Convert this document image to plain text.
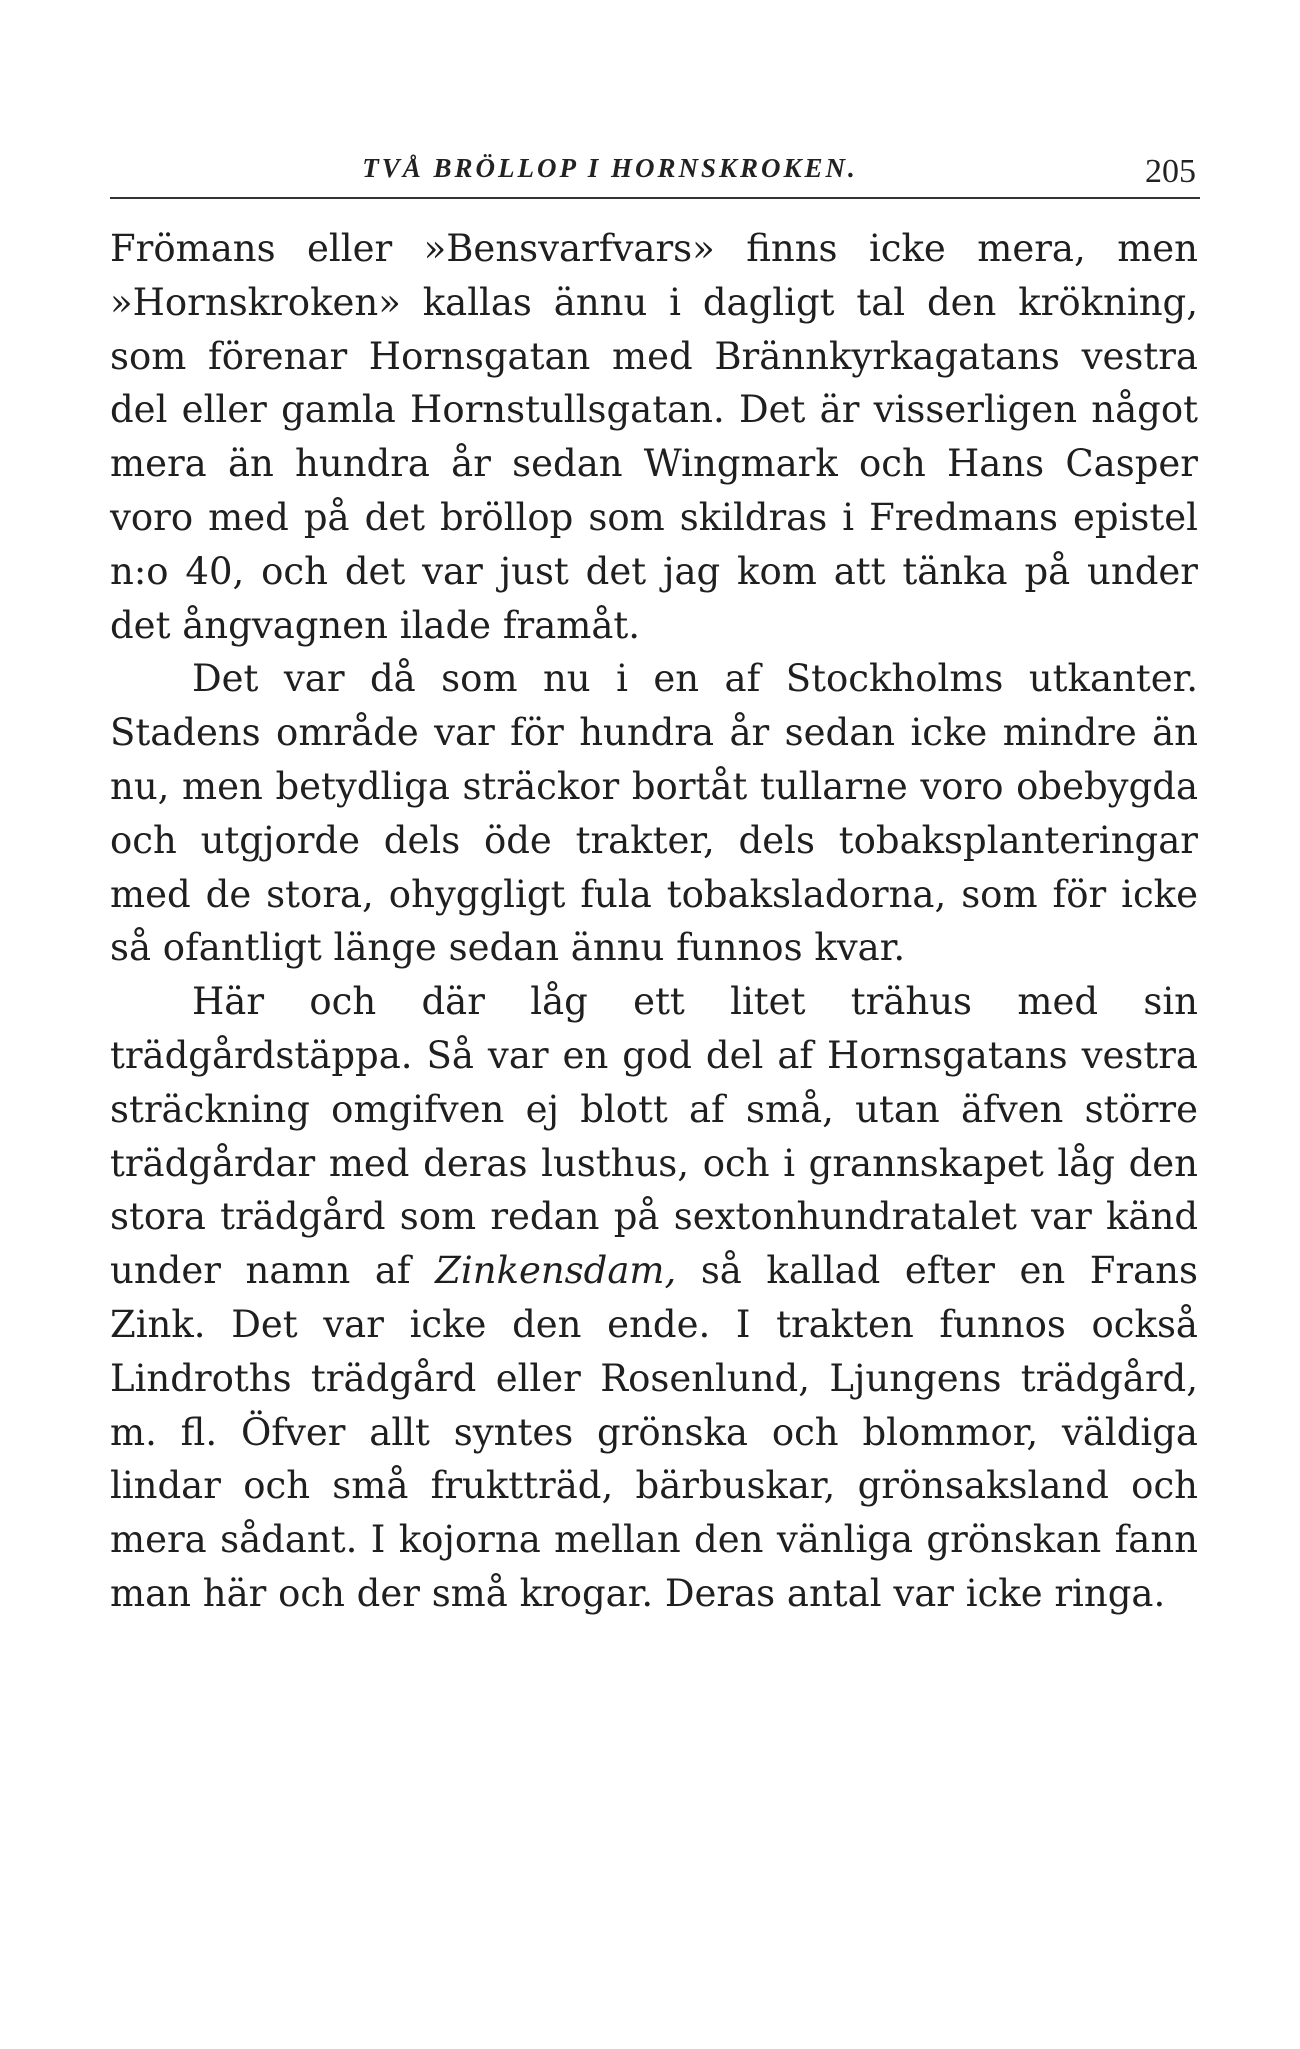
TVÅ BRÖLLOP I HORNSKROKEN.	205

Frömans eller »Bensvarfvars» finns icke mera, men »Hornskroken» kallas ännu i dagligt tal den krökning, som förenar Hornsgatan med Brännkyrkagatans vestra del eller gamla Hornstullsgatan. Det är visserligen något mera än hundra år sedan Wingmark och Hans Casper voro med på det bröllop som skildras i Fredmans epistel n:o 40, och det var just det jag kom att tänka på under det ångvagnen ilade framåt.

Det var då som nu i en af Stockholms utkanter. Stadens område var för hundra år sedan icke mindre än nu, men betydliga sträckor bortåt tullarne voro obebygda och utgjorde dels öde trakter, dels tobaksplanteringar med de stora, ohyggligt fula tobaksladorna, som för icke så ofantligt länge sedan ännu funnos kvar.

Här och där låg ett litet trähus med sin trädgårdstäppa. Så var en god del af Hornsgatans vestra sträckning omgifven ej blott af små, utan äfven större trädgårdar med deras lusthus, och i grannskapet låg den stora trädgård som redan på sextonhundratalet var känd under namn af Zinkensdam, så kallad efter en Frans Zink. Det var icke den ende. I trakten funnos också Lindroths trädgård eller Rosenlund, Ljungens trädgård, m. fl. Öfver allt syntes grönska och blommor, väldiga lindar och små fruktträd, bärbuskar, grönsaksland och mera sådant. I kojorna mellan den vänliga grönskan fann man här och der små krogar. Deras antal var icke ringa.
